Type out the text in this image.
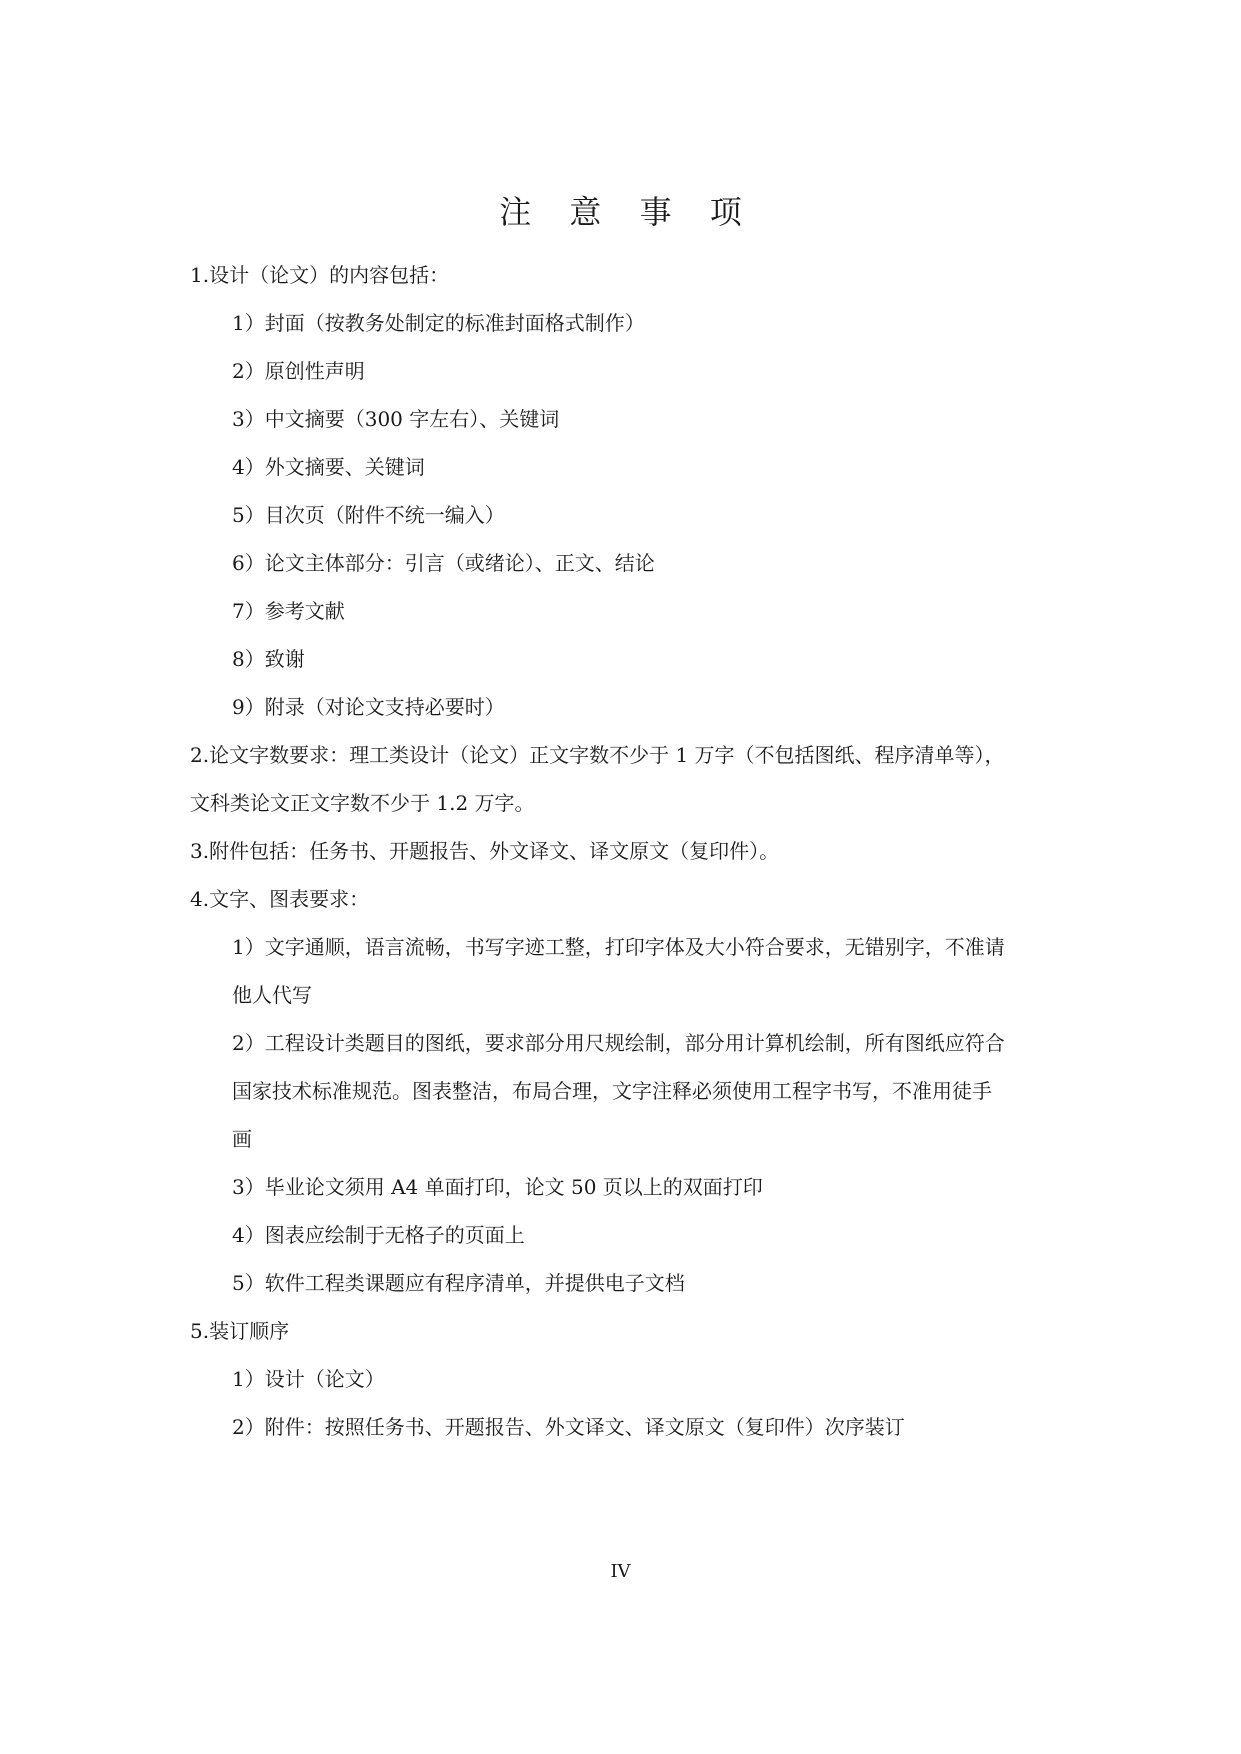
注 意 事 项
1.设计（论文）的内容包括：
1）封面（按教务处制定的标准封面格式制作）
2）原创性声明
3）中文摘要（300 字左右）、关键词
4）外文摘要、关键词
5）目次页（附件不统一编入）
6）论文主体部分：引言（或绪论）、正文、结论
7）参考文献
8）致谢
9）附录（对论文支持必要时）
2.论文字数要求：理工类设计（论文）正文字数不少于 1 万字（不包括图纸、程序清单等），
文科类论文正文字数不少于 1.2 万字。
3.附件包括：任务书、开题报告、外文译文、译文原文（复印件）。
4.文字、图表要求：
1）文字通顺，语言流畅，书写字迹工整，打印字体及大小符合要求，无错别字，不准请
他人代写
2）工程设计类题目的图纸，要求部分用尺规绘制，部分用计算机绘制，所有图纸应符合
国家技术标准规范。图表整洁，布局合理，文字注释必须使用工程字书写，不准用徒手
画
3）毕业论文须用 A4 单面打印，论文 50 页以上的双面打印
4）图表应绘制于无格子的页面上
5）软件工程类课题应有程序清单，并提供电子文档
5.装订顺序
1）设计（论文）
2）附件：按照任务书、开题报告、外文译文、译文原文（复印件）次序装订
IV
